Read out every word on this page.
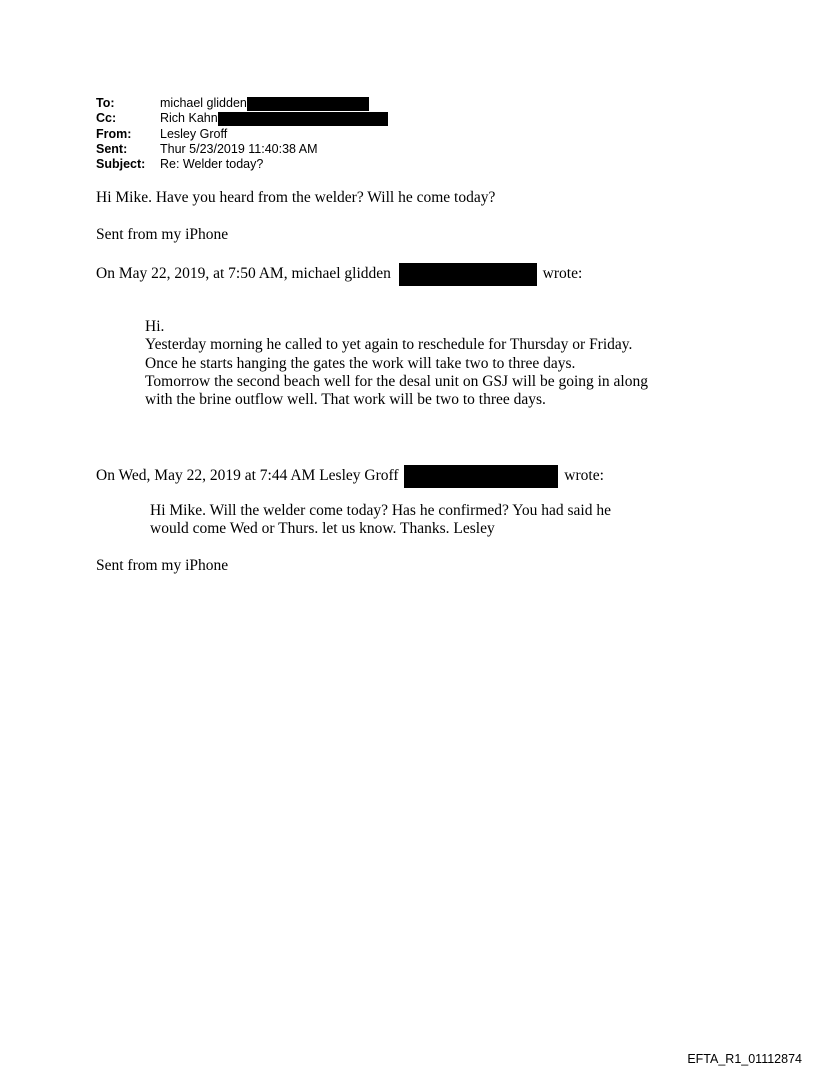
To:	michael glidden
Cc:	Rich Kahn
From:	Lesley Groff
Sent:	Thur 5/23/2019 11:40:38 AM
Subject:	Re: Welder today?
Hi Mike. Have you heard from the welder? Will he come today?
Sent from my iPhone
On May 22, 2019, at 7:50 AM, michael glidden	wrote:
Hi.
Yesterday morning he called to yet again to reschedule for Thursday or Friday.
Once he starts hanging the gates the work will take two to three days.
Tomorrow the second beach well for the desal unit on GSJ will be going in along
with the brine outflow well. That work will be two to three days.
On Wed, May 22, 2019 at 7:44 AM Lesley Groff	wrote:
Hi Mike. Will the welder come today? Has he confirmed? You had said he
would come Wed or Thurs. let us know. Thanks. Lesley
Sent from my iPhone
EFTA_R1_01112874
